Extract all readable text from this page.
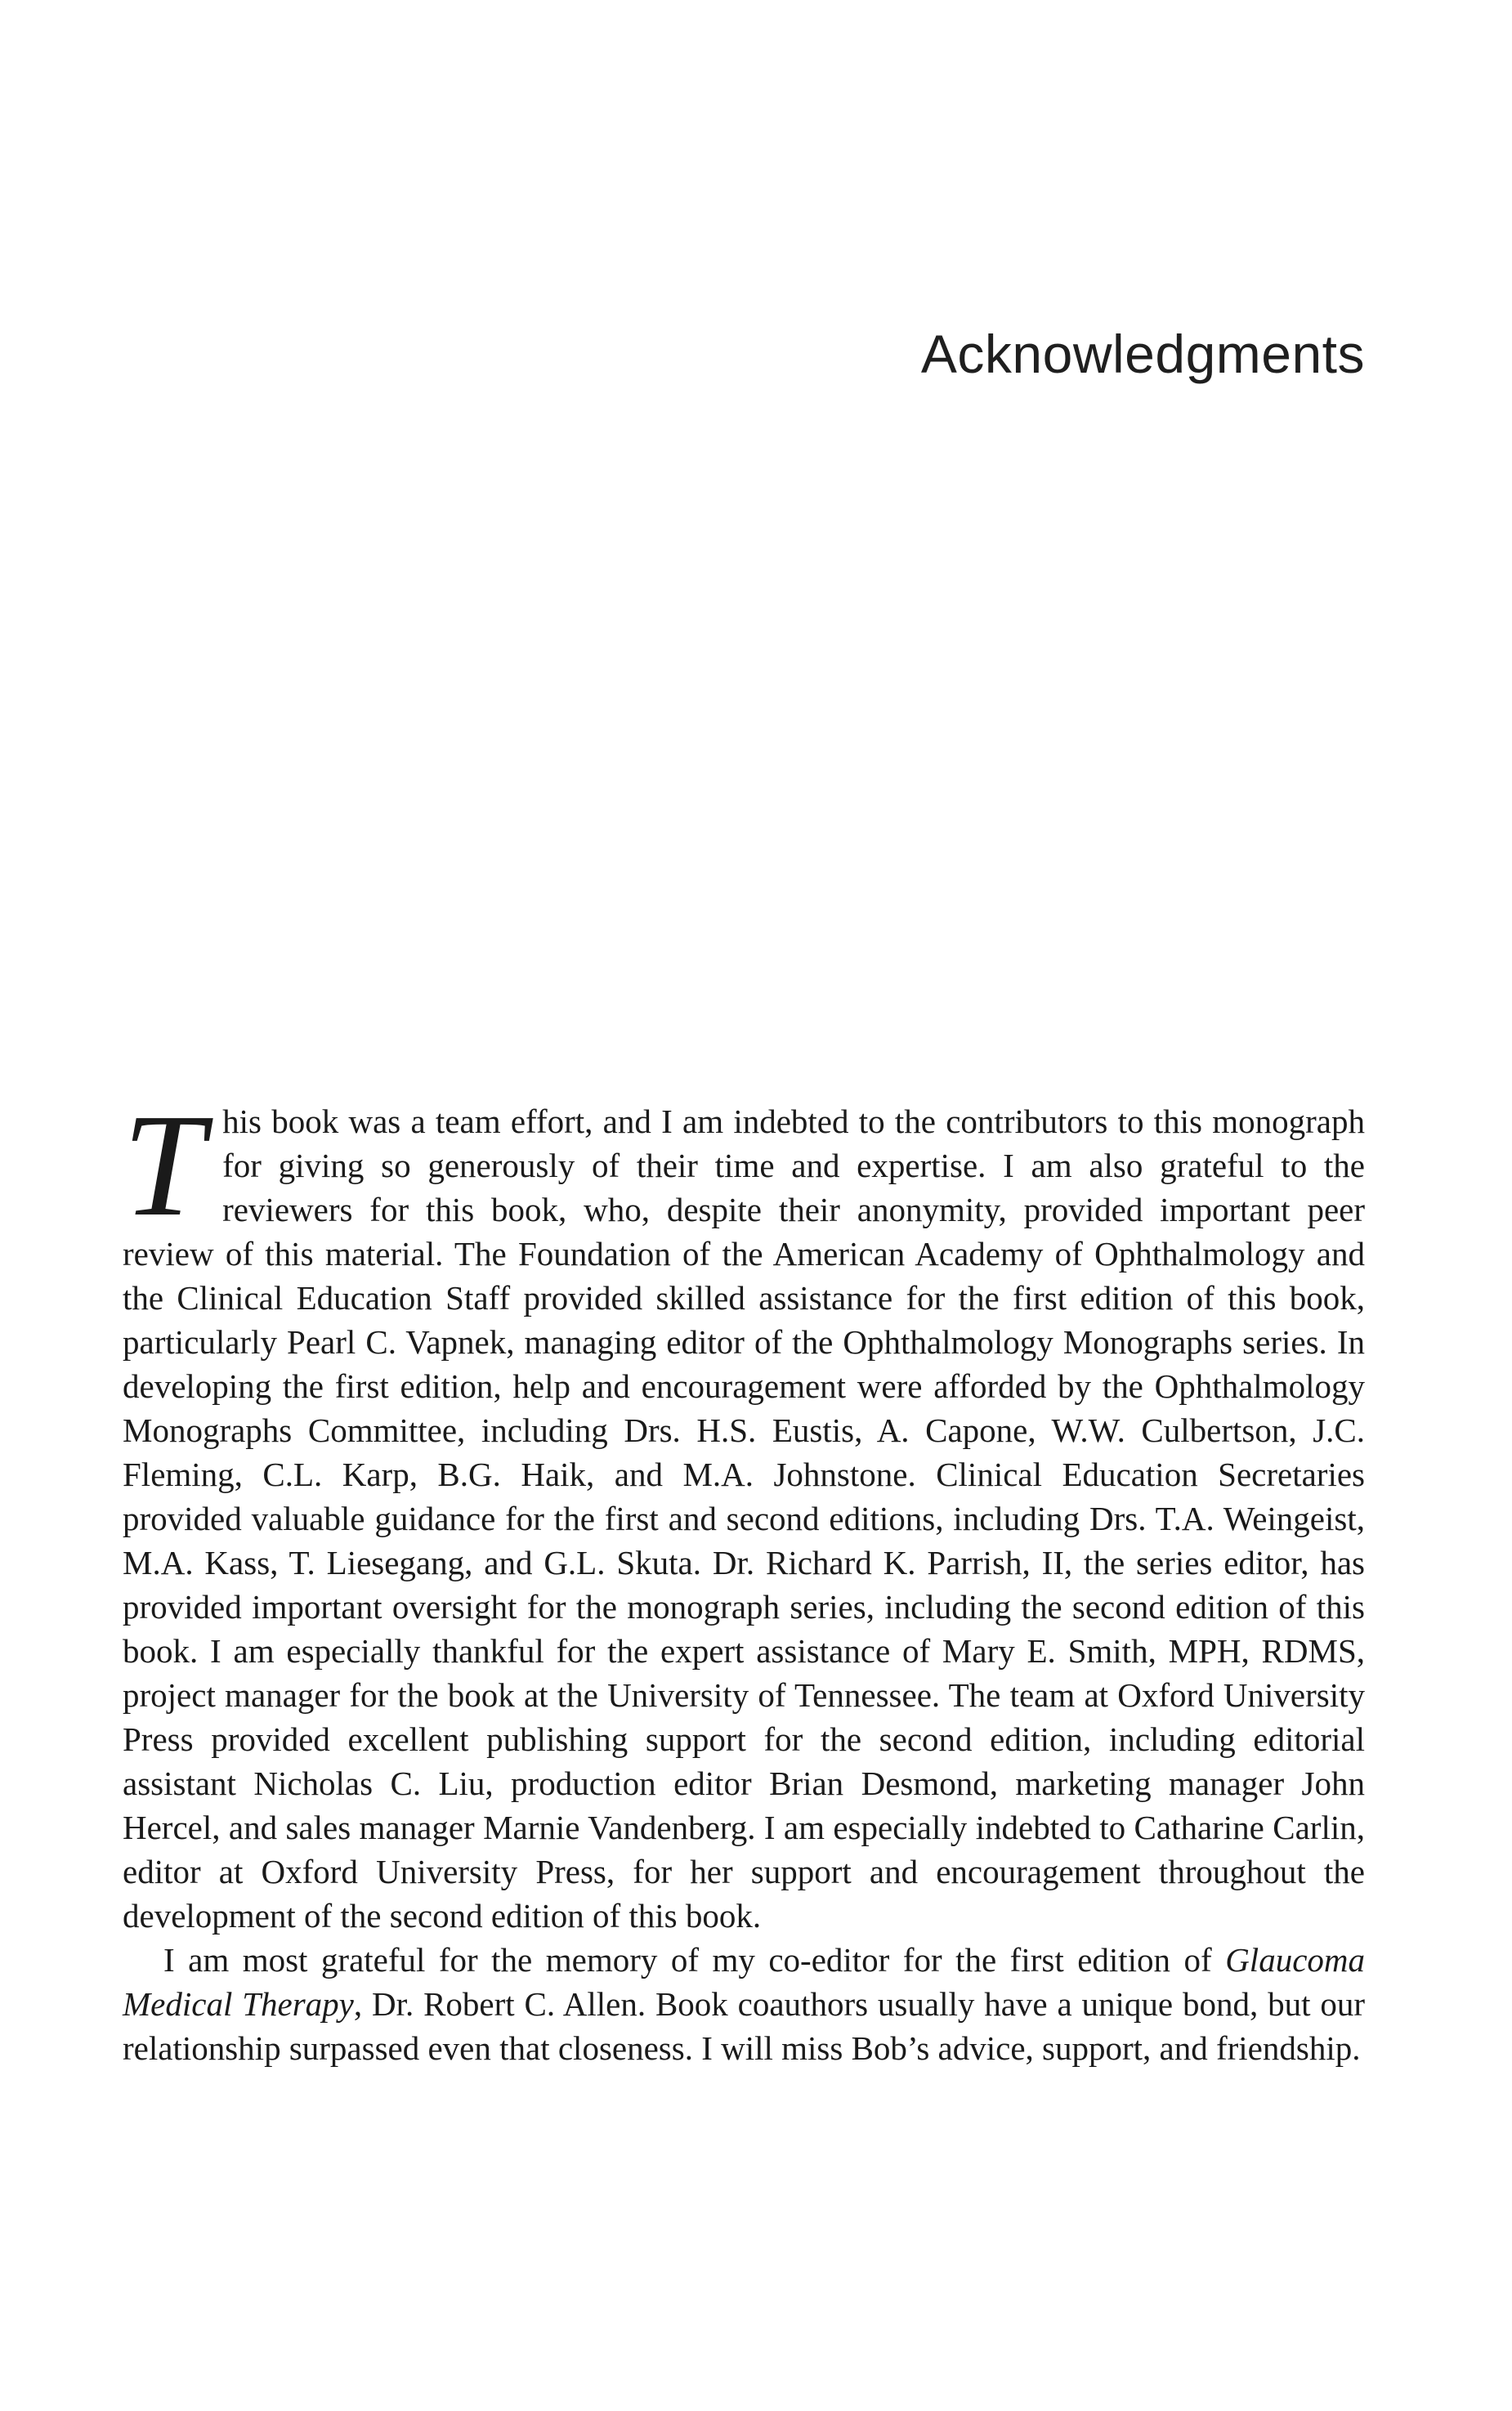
Acknowledgments

This book was a team effort, and I am indebted to the contributors to this monograph for giving so generously of their time and expertise. I am also grateful to the reviewers for this book, who, despite their anonymity, provided important peer review of this material. The Foundation of the American Academy of Ophthalmology and the Clinical Education Staff provided skilled assistance for the first edition of this book, particularly Pearl C. Vapnek, managing editor of the Ophthalmology Monographs series. In developing the first edition, help and encouragement were afforded by the Ophthalmology Monographs Committee, including Drs. H.S. Eustis, A. Capone, W.W. Culbertson, J.C. Fleming, C.L. Karp, B.G. Haik, and M.A. Johnstone. Clinical Education Secretaries provided valuable guidance for the first and second editions, including Drs. T.A. Weingeist, M.A. Kass, T. Liesegang, and G.L. Skuta. Dr. Richard K. Parrish, II, the series editor, has provided important oversight for the monograph series, including the second edition of this book. I am especially thankful for the expert assistance of Mary E. Smith, MPH, RDMS, project manager for the book at the University of Tennessee. The team at Oxford University Press provided excellent publishing support for the second edition, including editorial assistant Nicholas C. Liu, production editor Brian Desmond, marketing manager John Hercel, and sales manager Marnie Vandenberg. I am especially indebted to Catharine Carlin, editor at Oxford University Press, for her support and encouragement throughout the development of the second edition of this book.

I am most grateful for the memory of my co-editor for the first edition of Glaucoma Medical Therapy, Dr. Robert C. Allen. Book coauthors usually have a unique bond, but our relationship surpassed even that closeness. I will miss Bob’s advice, support, and friendship.
